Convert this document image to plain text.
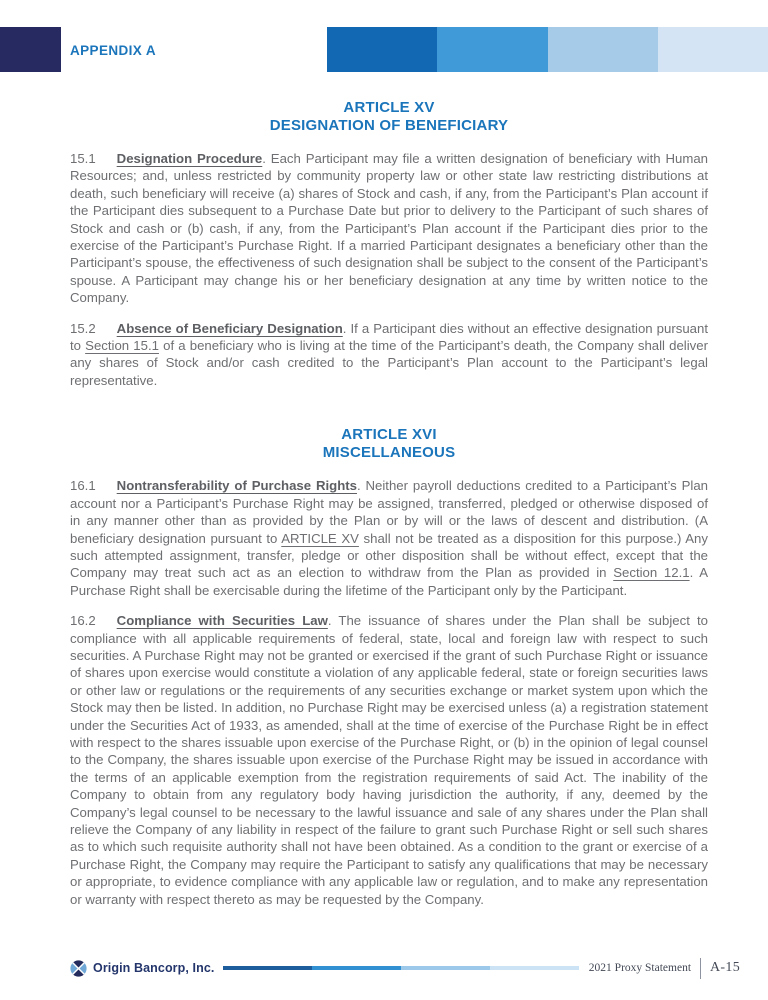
APPENDIX A
ARTICLE XV
DESIGNATION OF BENEFICIARY

15.1 Designation Procedure. Each Participant may file a written designation of beneficiary with Human Resources; and, unless restricted by community property law or other state law restricting distributions at death, such beneficiary will receive (a) shares of Stock and cash, if any, from the Participant’s Plan account if the Participant dies subsequent to a Purchase Date but prior to delivery to the Participant of such shares of Stock and cash or (b) cash, if any, from the Participant’s Plan account if the Participant dies prior to the exercise of the Participant’s Purchase Right. If a married Participant designates a beneficiary other than the Participant’s spouse, the effectiveness of such designation shall be subject to the consent of the Participant’s spouse. A Participant may change his or her beneficiary designation at any time by written notice to the Company.

15.2 Absence of Beneficiary Designation. If a Participant dies without an effective designation pursuant to Section 15.1 of a beneficiary who is living at the time of the Participant’s death, the Company shall deliver any shares of Stock and/or cash credited to the Participant’s Plan account to the Participant’s legal representative.

ARTICLE XVI
MISCELLANEOUS

16.1 Nontransferability of Purchase Rights. Neither payroll deductions credited to a Participant’s Plan account nor a Participant’s Purchase Right may be assigned, transferred, pledged or otherwise disposed of in any manner other than as provided by the Plan or by will or the laws of descent and distribution. (A beneficiary designation pursuant to ARTICLE XV shall not be treated as a disposition for this purpose.) Any such attempted assignment, transfer, pledge or other disposition shall be without effect, except that the Company may treat such act as an election to withdraw from the Plan as provided in Section 12.1. A Purchase Right shall be exercisable during the lifetime of the Participant only by the Participant.

16.2 Compliance with Securities Law. The issuance of shares under the Plan shall be subject to compliance with all applicable requirements of federal, state, local and foreign law with respect to such securities. A Purchase Right may not be granted or exercised if the grant of such Purchase Right or issuance of shares upon exercise would constitute a violation of any applicable federal, state or foreign securities laws or other law or regulations or the requirements of any securities exchange or market system upon which the Stock may then be listed. In addition, no Purchase Right may be exercised unless (a) a registration statement under the Securities Act of 1933, as amended, shall at the time of exercise of the Purchase Right be in effect with respect to the shares issuable upon exercise of the Purchase Right, or (b) in the opinion of legal counsel to the Company, the shares issuable upon exercise of the Purchase Right may be issued in accordance with the terms of an applicable exemption from the registration requirements of said Act. The inability of the Company to obtain from any regulatory body having jurisdiction the authority, if any, deemed by the Company’s legal counsel to be necessary to the lawful issuance and sale of any shares under the Plan shall relieve the Company of any liability in respect of the failure to grant such Purchase Right or sell such shares as to which such requisite authority shall not have been obtained. As a condition to the grant or exercise of a Purchase Right, the Company may require the Participant to satisfy any qualifications that may be necessary or appropriate, to evidence compliance with any applicable law or regulation, and to make any representation or warranty with respect thereto as may be requested by the Company.

Origin Bancorp, Inc.	2021 Proxy Statement A-15
